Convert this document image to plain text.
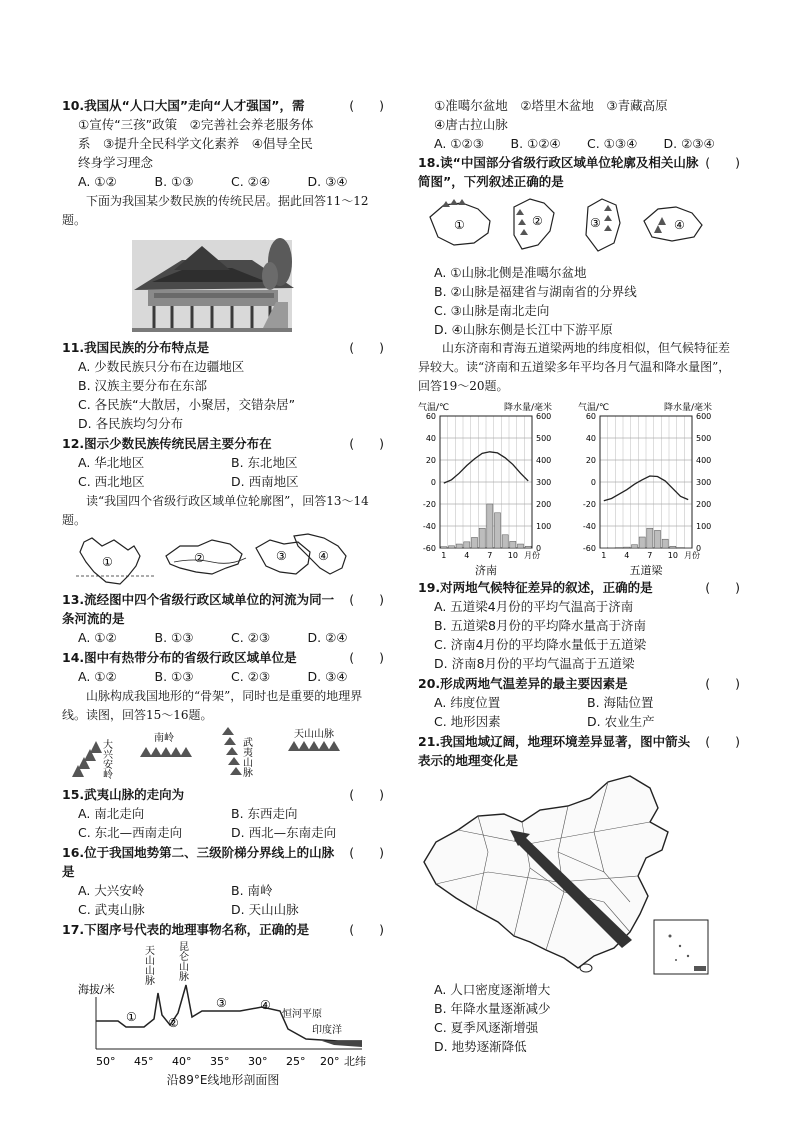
10.我国从“人口大国”走向“人才强国”，需	(　　)
①宣传“三孩”政策　②完善社会养老服务体
系　③提升全民科学文化素养　④倡导全民
终身学习理念
A. ①②	B. ①③	C. ②④	D. ③④
下面为我国某少数民族的传统民居。据此回答11～12题。
11.我国民族的分布特点是	(　　)
A. 少数民族只分布在边疆地区
B. 汉族主要分布在东部
C. 各民族“大散居，小聚居，交错杂居”
D. 各民族均匀分布
12.图示少数民族传统民居主要分布在	(　　)
A. 华北地区	B. 东北地区
C. 西北地区	D. 西南地区
读“我国四个省级行政区域单位轮廓图”，回答13～14题。
①	②	③	④
13.流经图中四个省级行政区域单位的河流为同一条河流的是
(　　)
A. ①②	B. ①③	C. ②③	D. ②④
14.图中有热带分布的省级行政区域单位是	(　　)
A. ①②	B. ①③	C. ②③	D. ③④
山脉构成我国地形的“骨架”，同时也是重要的地理界线。读图，回答15～16题。
大兴安岭
南岭	武夷山脉
天山山脉
15.武夷山脉的走向为	(　　)
A. 南北走向	B. 东西走向
C. 东北—西南走向	D. 西北—东南走向
16.位于我国地势第二、三级阶梯分界线上的山脉是
(　　)
A. 大兴安岭	B. 南岭
C. 武夷山脉	D. 天山山脉
17.下图序号代表的地理事物名称，正确的是	(　　)
海拔/米
①	②
③	④
天山山脉 昆仑山脉
恒河平原
印度洋
50° 45° 40° 35° 30° 25° 20° 北纬
沿89°E线地形剖面图
①准噶尔盆地　②塔里木盆地　③青藏高原
④唐古拉山脉
A. ①②③	B. ①②④	C. ①③④	D. ②③④
18.读“中国部分省级行政区域单位轮廓及相关山脉简图”，下列叙述正确的是
(　　)
①	②	③	④
A. ①山脉北侧是准噶尔盆地
B. ②山脉是福建省与湖南省的分界线
C. ③山脉是南北走向
D. ④山脉东侧是长江中下游平原
山东济南和青海五道梁两地的纬度相似，但气候特征差异较大。读“济南和五道梁多年平均各月气温和降水量图”，回答19～20题。
气温/℃	降水量/毫米
60	600
40	500
20	400
0	300
-20	200
-40	100
-60	0
1 4 7 10 月份
济南
气温/℃	降水量/毫米
60	600
40	500
20	400
0	300
-20	200
-40	100
-60	0
1 4 7 10 月份
五道梁
19.对两地气候特征差异的叙述，正确的是	(　　)
A. 五道梁4月份的平均气温高于济南
B. 五道梁8月份的平均降水量高于济南
C. 济南4月份的平均降水量低于五道梁
D. 济南8月份的平均气温高于五道梁
20.形成两地气温差异的最主要因素是	(　　)
A. 纬度位置	B. 海陆位置
C. 地形因素	D. 农业生产
21.我国地域辽阔，地理环境差异显著，图中箭头表示的地理变化是
(　　)
A. 人口密度逐渐增大
B. 年降水量逐渐减少
C. 夏季风逐渐增强
D. 地势逐渐降低
